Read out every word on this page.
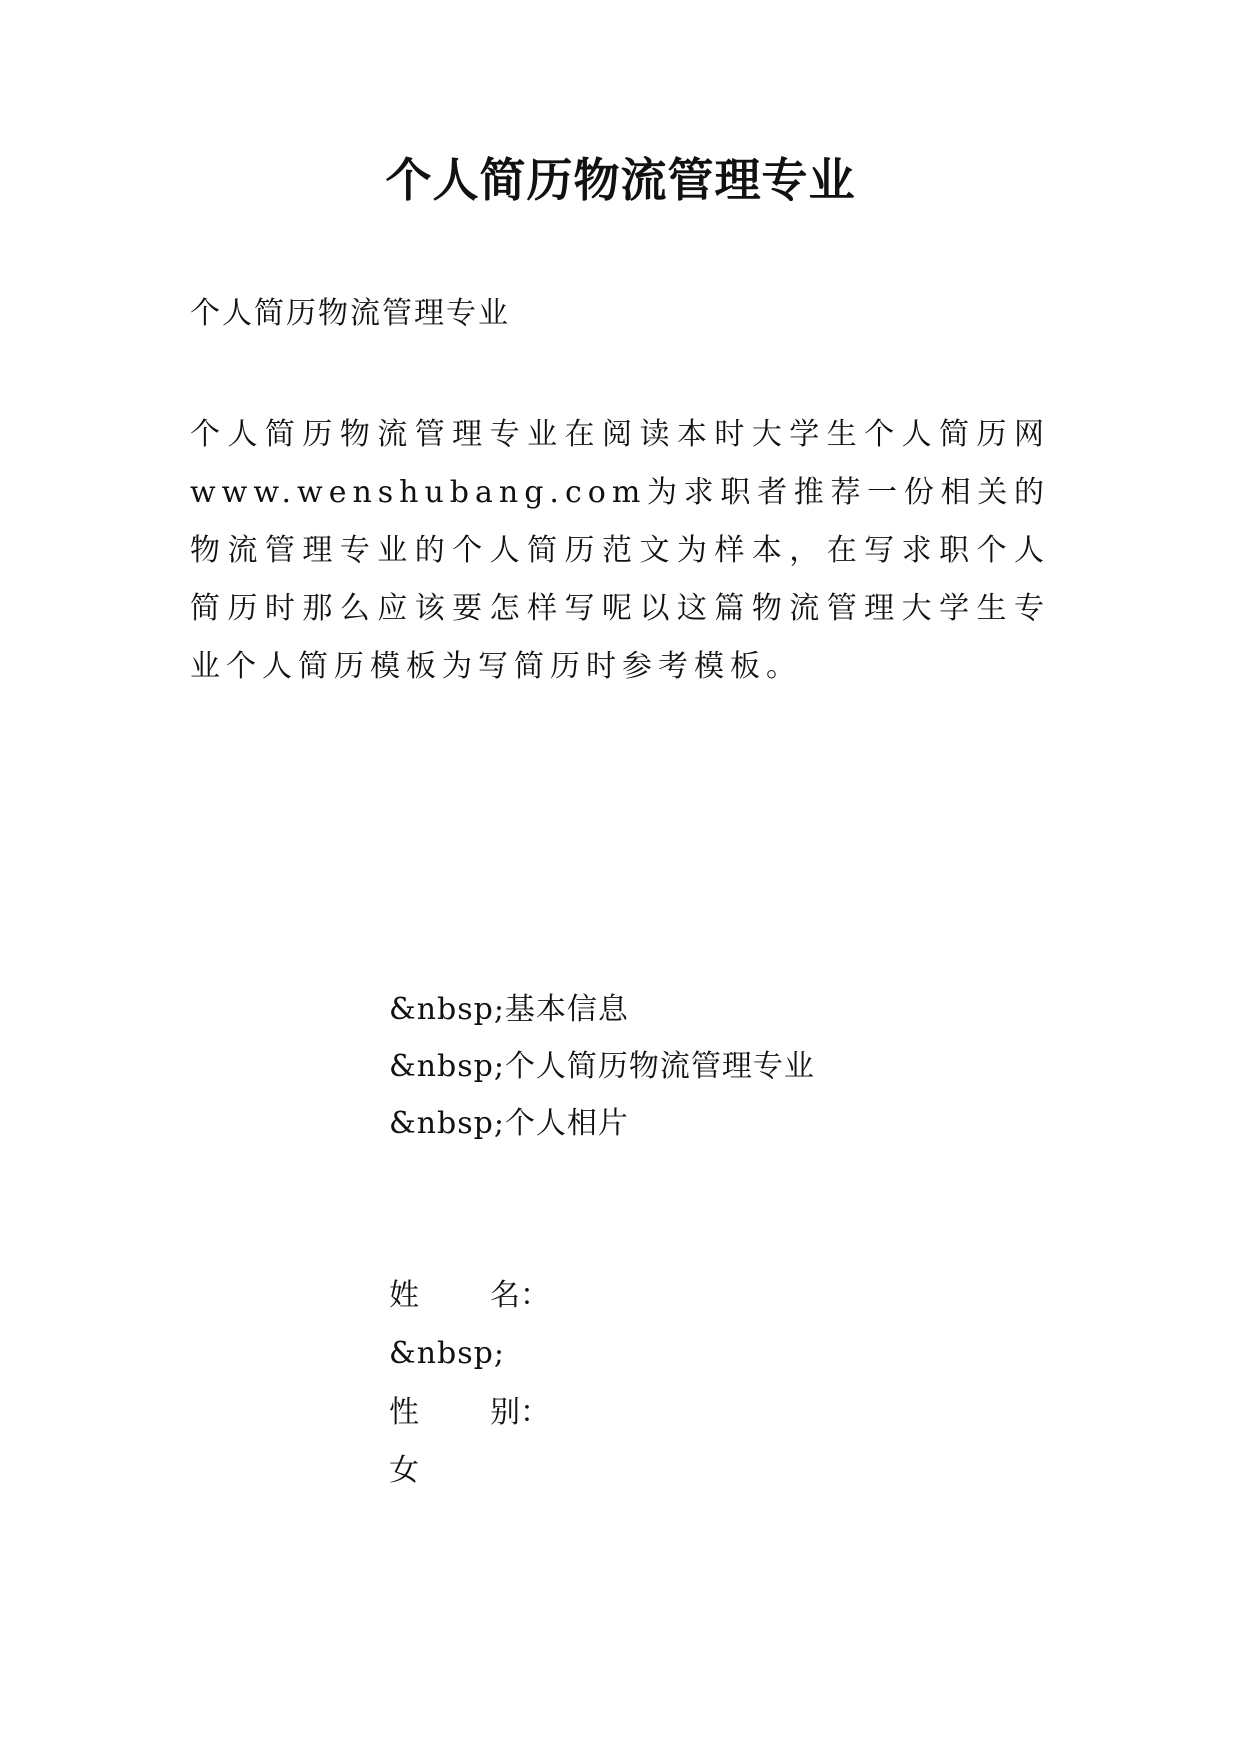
个人简历物流管理专业
个人简历物流管理专业
个人简历物流管理专业在阅读本时大学生个人简历网www.wenshubang.com为求职者推荐一份相关的物流管理专业的个人简历范文为样本，在写求职个人简历时那么应该要怎样写呢以这篇物流管理大学生专业个人简历模板为写简历时参考模板。
&nbsp;基本信息
&nbsp;个人简历物流管理专业
&nbsp;个人相片
姓 名：
&nbsp;
性 别：
女
